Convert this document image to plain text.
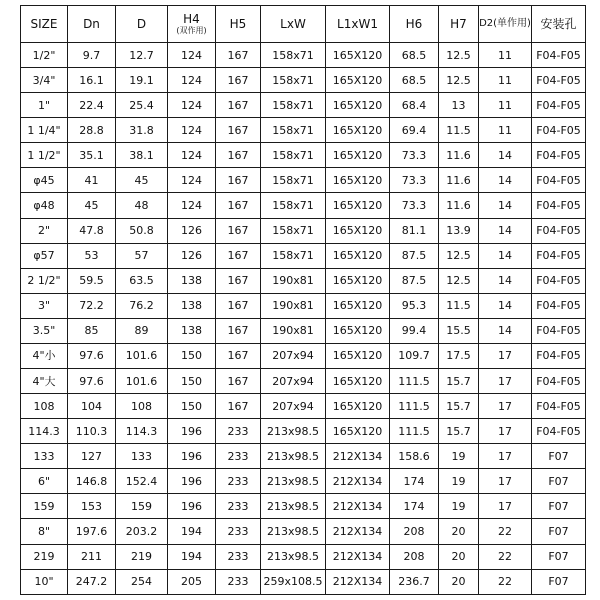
SIZE	Dn	D	H4
(双作用)	H5	LxW	L1xW1	H6	H7	D2(单作用)	安装孔
1/2"	9.7	12.7	124	167	158x71	165X120	68.5	12.5	11	F04-F05
3/4"	16.1	19.1	124	167	158x71	165X120	68.5	12.5	11	F04-F05
1"	22.4	25.4	124	167	158x71	165X120	68.4	13	11	F04-F05
1 1/4"	28.8	31.8	124	167	158x71	165X120	69.4	11.5	11	F04-F05
1 1/2"	35.1	38.1	124	167	158x71	165X120	73.3	11.6	14	F04-F05
φ45	41	45	124	167	158x71	165X120	73.3	11.6	14	F04-F05
φ48	45	48	124	167	158x71	165X120	73.3	11.6	14	F04-F05
2"	47.8	50.8	126	167	158x71	165X120	81.1	13.9	14	F04-F05
φ57	53	57	126	167	158x71	165X120	87.5	12.5	14	F04-F05
2 1/2"	59.5	63.5	138	167	190x81	165X120	87.5	12.5	14	F04-F05
3"	72.2	76.2	138	167	190x81	165X120	95.3	11.5	14	F04-F05
3.5"	85	89	138	167	190x81	165X120	99.4	15.5	14	F04-F05
4"小	97.6	101.6	150	167	207x94	165X120	109.7	17.5	17	F04-F05
4"大	97.6	101.6	150	167	207x94	165X120	111.5	15.7	17	F04-F05
108	104	108	150	167	207x94	165X120	111.5	15.7	17	F04-F05
114.3	110.3	114.3	196	233	213x98.5	165X120	111.5	15.7	17	F04-F05
133	127	133	196	233	213x98.5	212X134	158.6	19	17	F07
6"	146.8	152.4	196	233	213x98.5	212X134	174	19	17	F07
159	153	159	196	233	213x98.5	212X134	174	19	17	F07
8"	197.6	203.2	194	233	213x98.5	212X134	208	20	22	F07
219	211	219	194	233	213x98.5	212X134	208	20	22	F07
10"	247.2	254	205	233	259x108.5	212X134	236.7	20	22	F07
